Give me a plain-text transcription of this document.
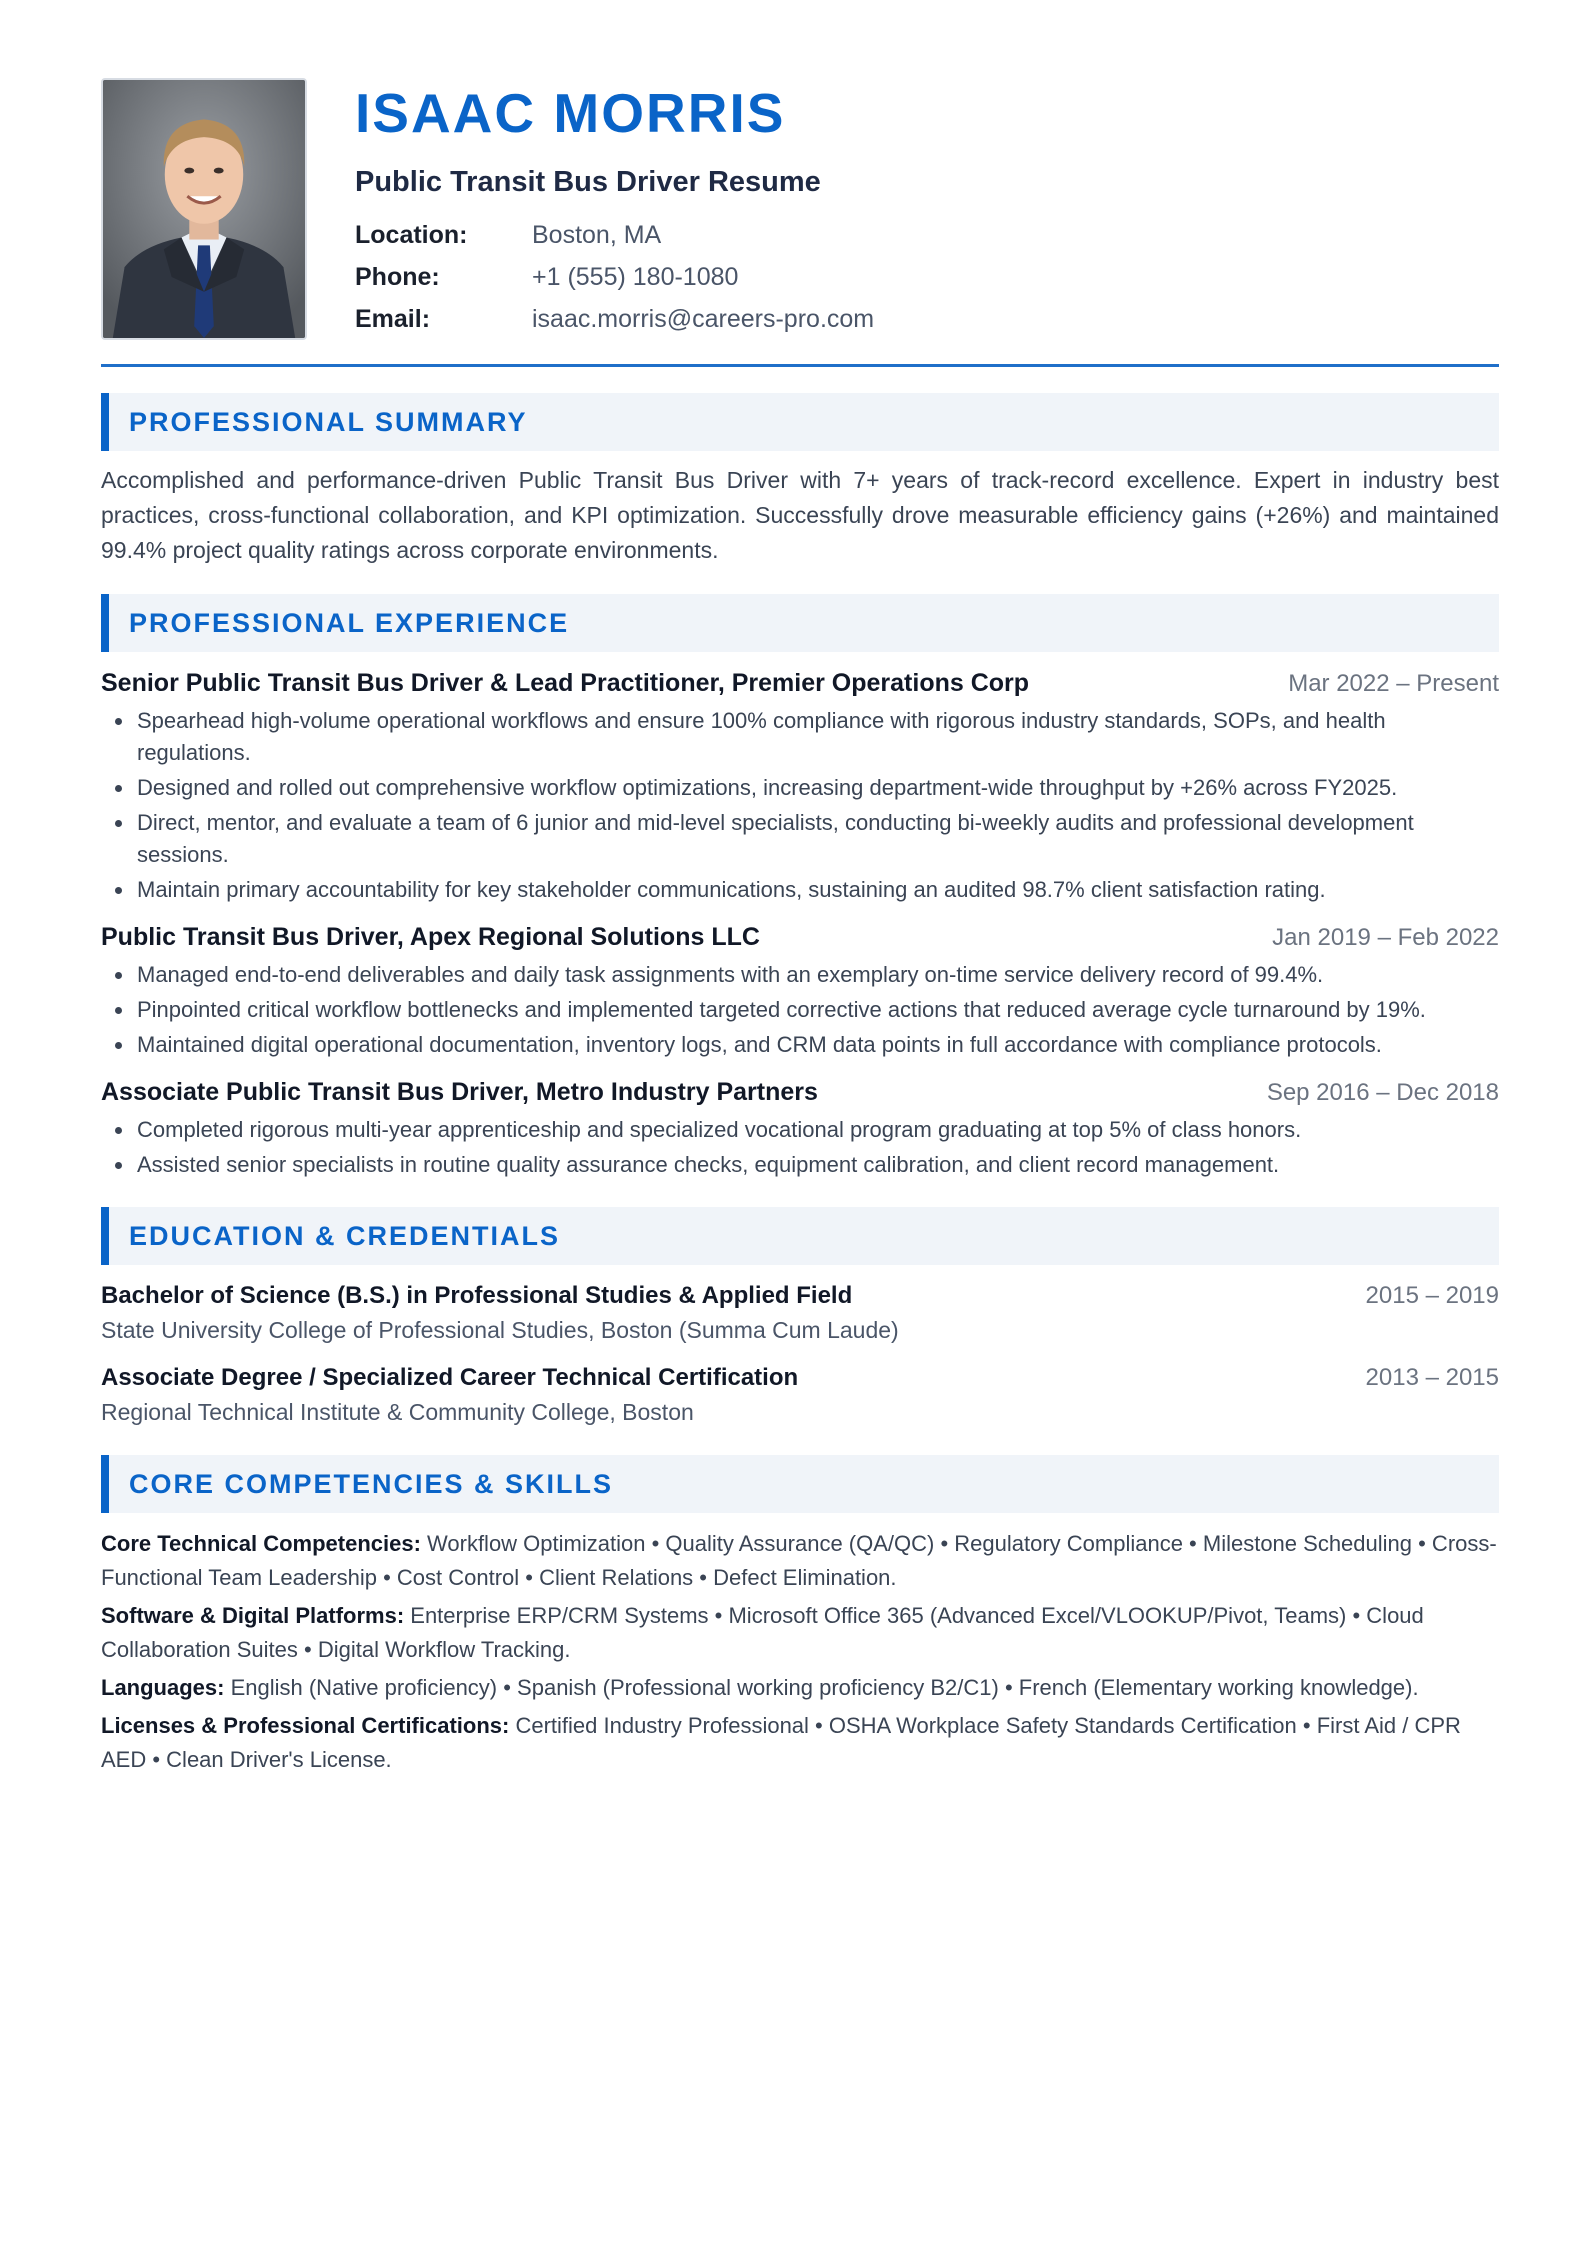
ISAAC MORRIS
Public Transit Bus Driver Resume
Location:	Boston, MA
Phone:	+1 (555) 180-1080
Email:	isaac.morris@careers-pro.com
PROFESSIONAL SUMMARY
Accomplished and performance-driven Public Transit Bus Driver with 7+ years of track-record excellence. Expert in industry best practices, cross-functional collaboration, and KPI optimization. Successfully drove measurable efficiency gains (+26%) and maintained 99.4% project quality ratings across corporate environments.
PROFESSIONAL EXPERIENCE
Senior Public Transit Bus Driver & Lead Practitioner, Premier Operations Corp	Mar 2022 – Present
• Spearhead high-volume operational workflows and ensure 100% compliance with rigorous industry standards, SOPs, and health regulations.
• Designed and rolled out comprehensive workflow optimizations, increasing department-wide throughput by +26% across FY2025.
• Direct, mentor, and evaluate a team of 6 junior and mid-level specialists, conducting bi-weekly audits and professional development sessions.
• Maintain primary accountability for key stakeholder communications, sustaining an audited 98.7% client satisfaction rating.
Public Transit Bus Driver, Apex Regional Solutions LLC	Jan 2019 – Feb 2022
• Managed end-to-end deliverables and daily task assignments with an exemplary on-time service delivery record of 99.4%.
• Pinpointed critical workflow bottlenecks and implemented targeted corrective actions that reduced average cycle turnaround by 19%.
• Maintained digital operational documentation, inventory logs, and CRM data points in full accordance with compliance protocols.
Associate Public Transit Bus Driver, Metro Industry Partners	Sep 2016 – Dec 2018
• Completed rigorous multi-year apprenticeship and specialized vocational program graduating at top 5% of class honors.
• Assisted senior specialists in routine quality assurance checks, equipment calibration, and client record management.
EDUCATION & CREDENTIALS
Bachelor of Science (B.S.) in Professional Studies & Applied Field	2015 – 2019
State University College of Professional Studies, Boston (Summa Cum Laude)
Associate Degree / Specialized Career Technical Certification	2013 – 2015
Regional Technical Institute & Community College, Boston
CORE COMPETENCIES & SKILLS
Core Technical Competencies: Workflow Optimization • Quality Assurance (QA/QC) • Regulatory Compliance • Milestone Scheduling • Cross-Functional Team Leadership • Cost Control • Client Relations • Defect Elimination.
Software & Digital Platforms: Enterprise ERP/CRM Systems • Microsoft Office 365 (Advanced Excel/VLOOKUP/Pivot, Teams) • Cloud Collaboration Suites • Digital Workflow Tracking.
Languages: English (Native proficiency) • Spanish (Professional working proficiency B2/C1) • French (Elementary working knowledge).
Licenses & Professional Certifications: Certified Industry Professional • OSHA Workplace Safety Standards Certification • First Aid / CPR AED • Clean Driver's License.
